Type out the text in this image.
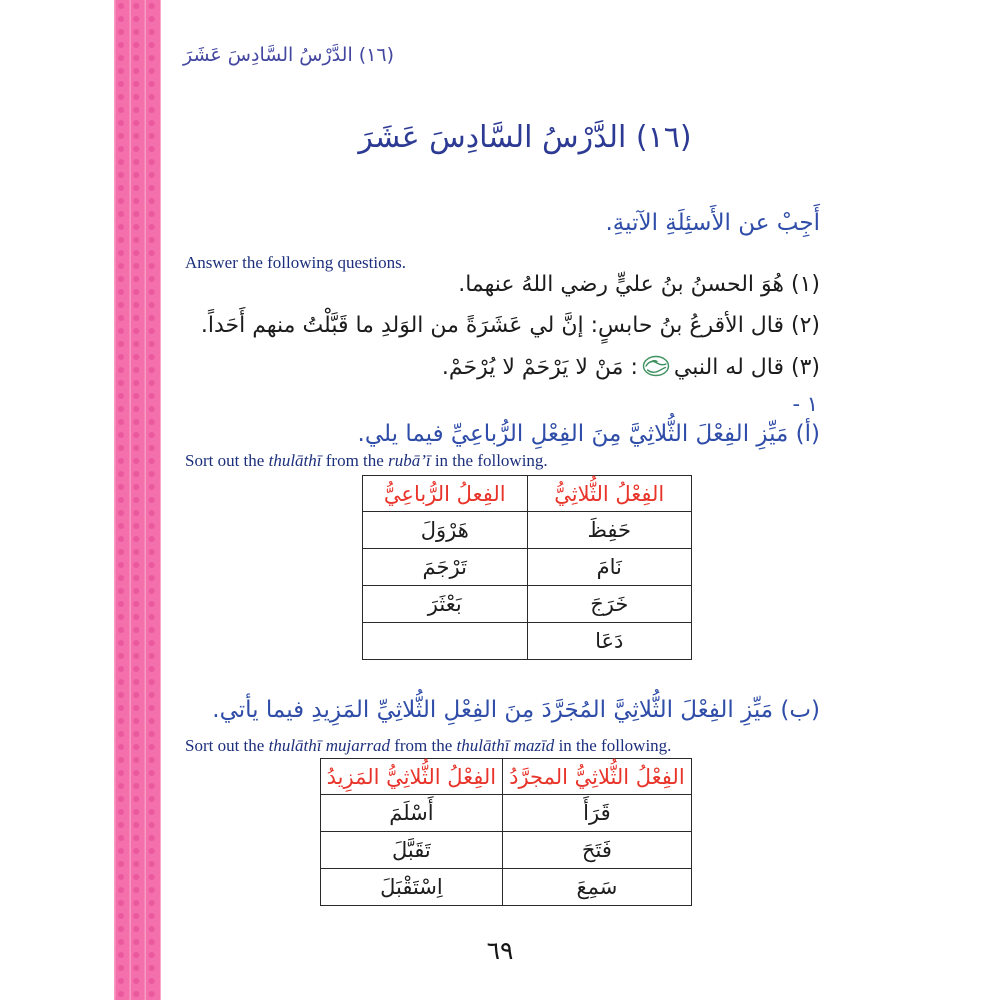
(١٦) الدَّرْسُ السَّادِسَ عَشَرَ
(١٦) الدَّرْسُ السَّادِسَ عَشَرَ
أَجِبْ عن الأَسئِلَةِ الآتيةِ.
Answer the following questions.
(١) هُوَ الحسنُ بنُ عليٍّ رضي اللهُ عنهما.
(٢) قال الأقرعُ بنُ حابسٍ: إنَّ لي عَشَرَةً من الوَلدِ ما قَبَّلْتُ منهم أَحَداً.
(٣) قال له النبي: مَنْ لا يَرْحَمْ لا يُرْحَمْ.
١ -
(أ) مَيِّزِ الفِعْلَ الثُّلاثِيَّ مِنَ الفِعْلِ الرُّباعِيِّ فيما يلي.
Sort out the thulāthī from the rubā’ī in the following.
الفِعْلُ الثُّلاثِيُّ	الفِعلُ الرُّباعِيُّ
حَفِظَ	هَرْوَلَ
نَامَ	تَرْجَمَ
خَرَجَ	بَعْثَرَ
دَعَا	
(ب) مَيِّزِ الفِعْلَ الثُّلاثِيَّ المُجَرَّدَ مِنَ الفِعْلِ الثُّلاثِيِّ المَزِيدِ فيما يأتي.
Sort out the thulāthī mujarrad from the thulāthī mazīd in the following.
الفِعْلُ الثُّلاثِيُّ المجرَّدُ	الفِعْلُ الثُّلاثِيُّ المَزِيدُ
قَرَأَ	أَسْلَمَ
فَتَحَ	تَقَبَّلَ
سَمِعَ	اِسْتَقْبَلَ
٦٩
